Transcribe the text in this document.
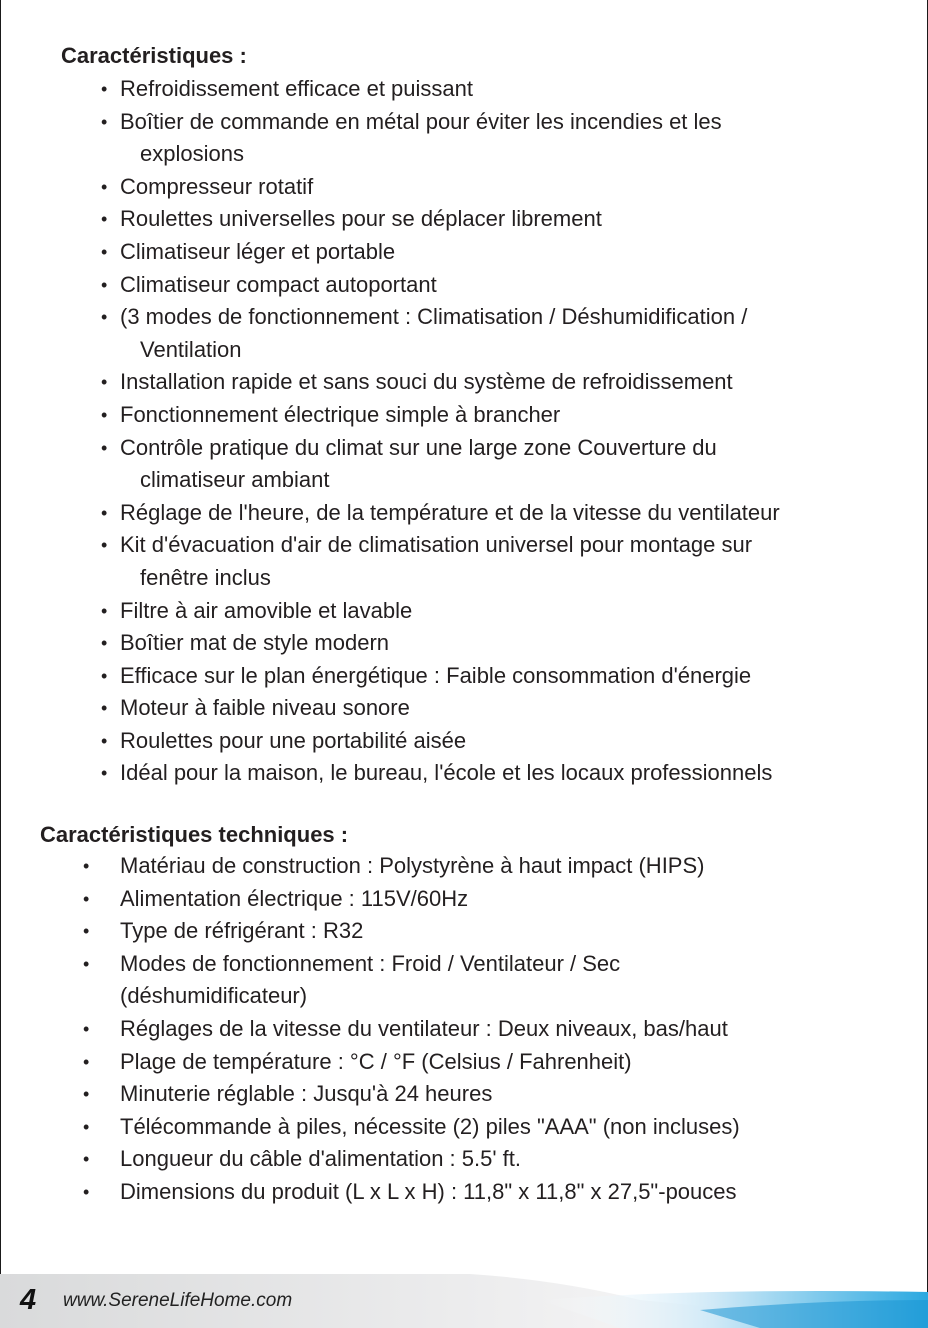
Caractéristiques :
• Refroidissement efficace et puissant
• Boîtier de commande en métal pour éviter les incendies et les
explosions
• Compresseur rotatif
• Roulettes universelles pour se déplacer librement
• Climatiseur léger et portable
• Climatiseur compact autoportant
• (3 modes de fonctionnement : Climatisation / Déshumidification /
Ventilation
• Installation rapide et sans souci du système de refroidissement
• Fonctionnement électrique simple à brancher
• Contrôle pratique du climat sur une large zone Couverture du
climatiseur ambiant
• Réglage de l'heure, de la température et de la vitesse du ventilateur
• Kit d'évacuation d'air de climatisation universel pour montage sur
fenêtre inclus
• Filtre à air amovible et lavable
• Boîtier mat de style modern
• Efficace sur le plan énergétique : Faible consommation d'énergie
• Moteur à faible niveau sonore
• Roulettes pour une portabilité aisée
• Idéal pour la maison, le bureau, l'école et les locaux professionnels
Caractéristiques techniques :
• Matériau de construction : Polystyrène à haut impact (HIPS)
• Alimentation électrique : 115V/60Hz
• Type de réfrigérant : R32
• Modes de fonctionnement : Froid / Ventilateur / Sec
(déshumidificateur)
• Réglages de la vitesse du ventilateur : Deux niveaux, bas/haut
• Plage de température : °C / °F (Celsius / Fahrenheit)
• Minuterie réglable : Jusqu'à 24 heures
• Télécommande à piles, nécessite (2) piles "AAA" (non incluses)
• Longueur du câble d'alimentation : 5.5' ft.
• Dimensions du produit (L x L x H) : 11,8" x 11,8" x 27,5"-pouces
4 www.SereneLifeHome.com
